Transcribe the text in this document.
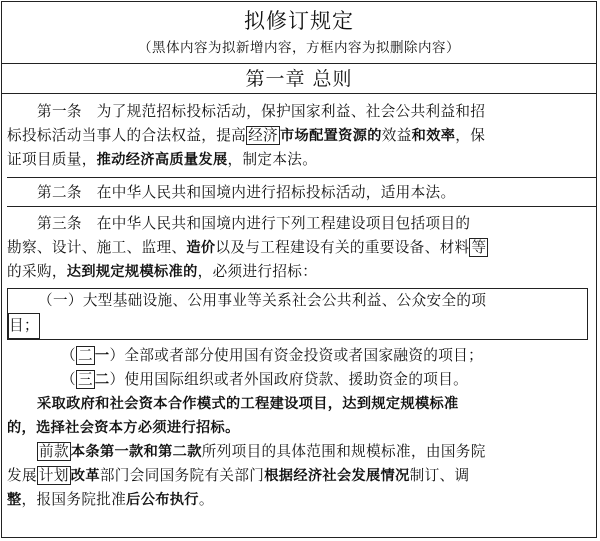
拟修订规定
（黑体内容为拟新增内容，方框内容为拟删除内容）
第一章 总则

第一条　为了规范招标投标活动，保护国家利益、社会公共利益和招

标投标活动当事人的合法权益，提高 经济 市场配置资源的效益和效率，保

证项目质量，推动经济高质量发展，制定本法。

第二条　在中华人民共和国境内进行招标投标活动，适用本法。

第三条　在中华人民共和国境内进行下列工程建设项目包括项目的

勘察、设计、施工、监理、造价以及与工程建设有关的重要设备、材料 等

的采购，达到规定规模标准的，必须进行招标：

（一）大型基础设施、公用事业等关系社会公共利益、公众安全的项

目；

（ 二 一）全部或者部分使用国有资金投资或者国家融资的项目；

（ 三 二）使用国际组织或者外国政府贷款、援助资金的项目。

采取政府和社会资本合作模式的工程建设项目，达到规定规模标准

的，选择社会资本方必须进行招标。

前款 本条第一款和第二款所列项目的具体范围和规模标准，由国务院

发展 计划 改革部门会同国务院有关部门根据经济社会发展情况制订、调

整，报国务院批准后公布执行。
